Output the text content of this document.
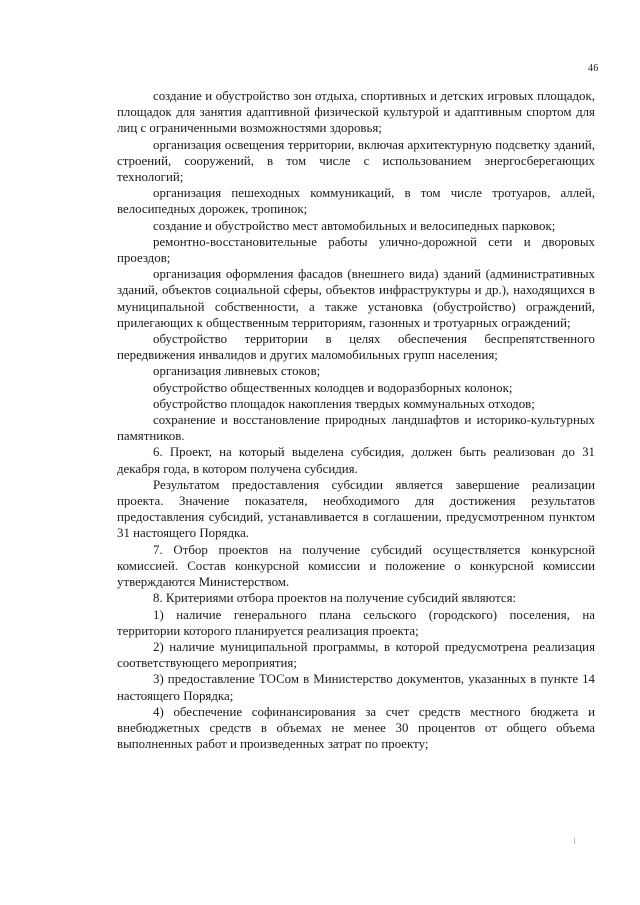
46

создание и обустройство зон отдыха, спортивных и детских игровых площадок, площадок для занятия адаптивной физической культурой и адаптивным спортом для лиц с ограниченными возможностями здоровья;

организация освещения территории, включая архитектурную подсветку зданий, строений, сооружений, в том числе с использованием энергосберегающих технологий;

организация пешеходных коммуникаций, в том числе тротуаров, аллей, велосипедных дорожек, тропинок;

создание и обустройство мест автомобильных и велосипедных парковок;

ремонтно-восстановительные работы улично-дорожной сети и дворовых проездов;

организация оформления фасадов (внешнего вида) зданий (административных зданий, объектов социальной сферы, объектов инфраструктуры и др.), находящихся в муниципальной собственности, а также установка (обустройство) ограждений, прилегающих к общественным территориям, газонных и тротуарных ограждений;

обустройство территории в целях обеспечения беспрепятственного передвижения инвалидов и других маломобильных групп населения;

организация ливневых стоков;

обустройство общественных колодцев и водоразборных колонок;

обустройство площадок накопления твердых коммунальных отходов;

сохранение и восстановление природных ландшафтов и историко-культурных памятников.

6. Проект, на который выделена субсидия, должен быть реализован до 31 декабря года, в котором получена субсидия.

Результатом предоставления субсидии является завершение реализации проекта. Значение показателя, необходимого для достижения результатов предоставления субсидий, устанавливается в соглашении, предусмотренном пунктом 31 настоящего Порядка.

7. Отбор проектов на получение субсидий осуществляется конкурсной комиссией. Состав конкурсной комиссии и положение о конкурсной комиссии утверждаются Министерством.

8. Критериями отбора проектов на получение субсидий являются:

1) наличие генерального плана сельского (городского) поселения, на территории которого планируется реализация проекта;

2) наличие муниципальной программы, в которой предусмотрена реализация соответствующего мероприятия;

3) предоставление ТОСом в Министерство документов, указанных в пункте 14 настоящего Порядка;

4) обеспечение софинансирования за счет средств местного бюджета и внебюджетных средств в объемах не менее 30 процентов от общего объема выполненных работ и произведенных затрат по проекту;
